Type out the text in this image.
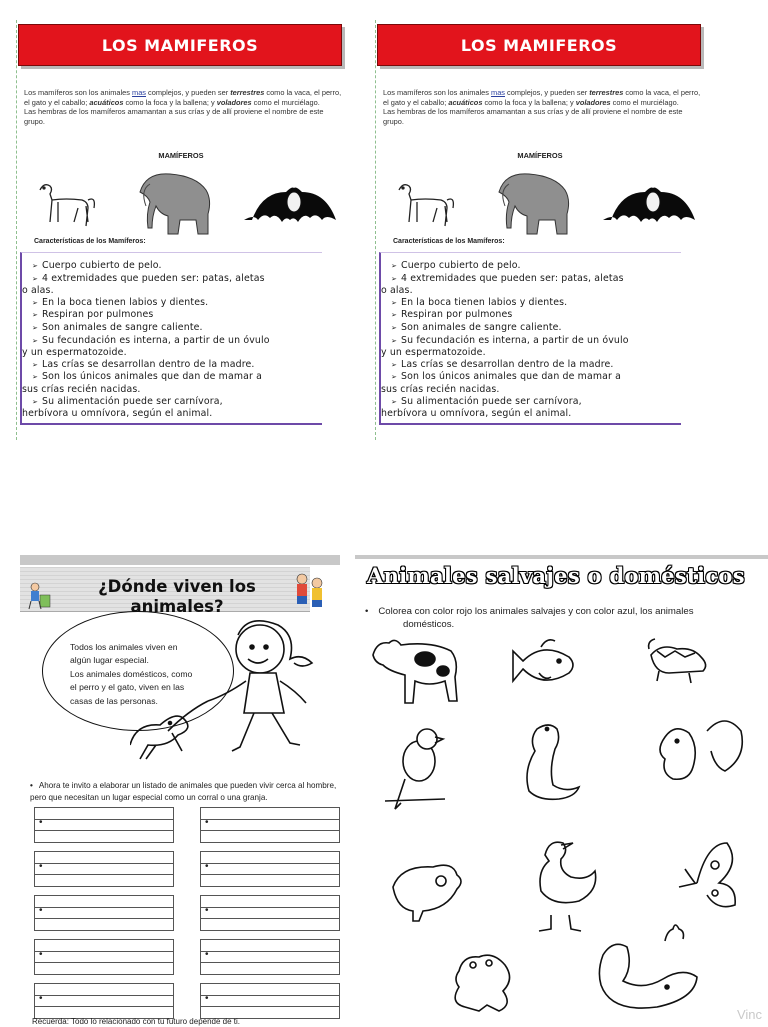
LOS MAMIFEROS
Los mamíferos son los animales mas complejos, y pueden ser terrestres como la vaca, el perro, el gato y el caballo; acuáticos como la foca y la ballena; y voladores como el murciélago.
Las hembras de los mamíferos amamantan a sus crías y de allí proviene el nombre de este grupo.
MAMÍFEROS
Características de los Mamíferos:
➢ Cuerpo cubierto de pelo.
➢ 4 extremidades que pueden ser: patas, aletas
o alas.
➢ En la boca tienen labios y dientes.
➢ Respiran por pulmones
➢ Son animales de sangre caliente.
➢ Su fecundación es interna, a partir de un óvulo
y un espermatozoide.
➢ Las crías se desarrollan dentro de la madre.
➢ Son los únicos animales que dan de mamar a
sus crías recién nacidas.
➢ Su alimentación puede ser carnívora,
herbívora u omnívora, según el animal.
LOS MAMIFEROS
Los mamíferos son los animales mas complejos, y pueden ser terrestres como la vaca, el perro, el gato y el caballo; acuáticos como la foca y la ballena; y voladores como el murciélago.
Las hembras de los mamíferos amamantan a sus crías y de allí proviene el nombre de este grupo.
MAMÍFEROS
Características de los Mamíferos:
➢ Cuerpo cubierto de pelo.
➢ 4 extremidades que pueden ser: patas, aletas
o alas.
➢ En la boca tienen labios y dientes.
➢ Respiran por pulmones
➢ Son animales de sangre caliente.
➢ Su fecundación es interna, a partir de un óvulo
y un espermatozoide.
➢ Las crías se desarrollan dentro de la madre.
➢ Son los únicos animales que dan de mamar a
sus crías recién nacidas.
➢ Su alimentación puede ser carnívora,
herbívora u omnívora, según el animal.
¿Dónde viven los
animales?
Todos los animales viven en
algún lugar especial.
Los animales domésticos, como
el perro y el gato, viven en las
casas de las personas.
• Ahora te invito a elaborar un listado de animales que pueden vivir cerca al hombre, pero que necesitan un lugar especial como un corral o una granja.
•
•
•
•
•
•
•
•
•
•
Recuerda: Todo lo relacionado con tu futuro depende de ti.
Animales salvajes o domésticos
• Colorea con color rojo los animales salvajes y con color azul, los animales
domésticos.
Vinc
